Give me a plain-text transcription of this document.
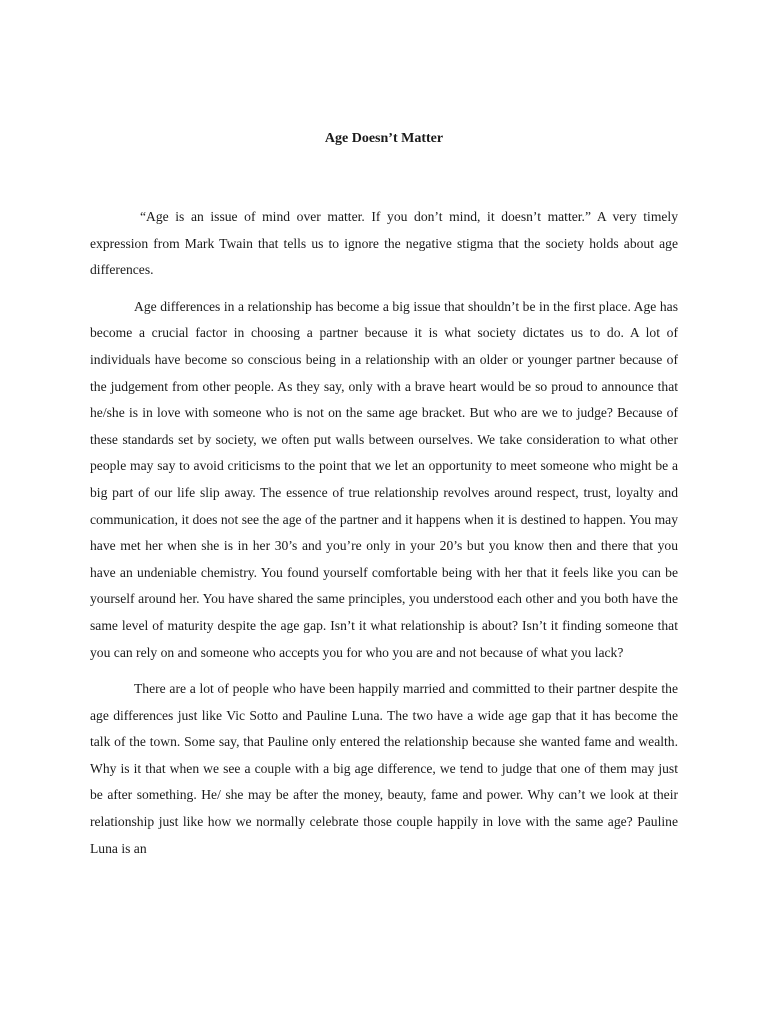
Age Doesn’t Matter

“Age is an issue of mind over matter. If you don’t mind, it doesn’t matter.” A very timely expression from Mark Twain that tells us to ignore the negative stigma that the society holds about age differences.

Age differences in a relationship has become a big issue that shouldn’t be in the first place. Age has become a crucial factor in choosing a partner because it is what society dictates us to do. A lot of individuals have become so conscious being in a relationship with an older or younger partner because of the judgement from other people. As they say, only with a brave heart would be so proud to announce that he/she is in love with someone who is not on the same age bracket. But who are we to judge? Because of these standards set by society, we often put walls between ourselves. We take consideration to what other people may say to avoid criticisms to the point that we let an opportunity to meet someone who might be a big part of our life slip away. The essence of true relationship revolves around respect, trust, loyalty and communication, it does not see the age of the partner and it happens when it is destined to happen. You may have met her when she is in her 30’s and you’re only in your 20’s but you know then and there that you have an undeniable chemistry. You found yourself comfortable being with her that it feels like you can be yourself around her. You have shared the same principles, you understood each other and you both have the same level of maturity despite the age gap. Isn’t it what relationship is about? Isn’t it finding someone that you can rely on and someone who accepts you for who you are and not because of what you lack?

There are a lot of people who have been happily married and committed to their partner despite the age differences just like Vic Sotto and Pauline Luna. The two have a wide age gap that it has become the talk of the town. Some say, that Pauline only entered the relationship because she wanted fame and wealth. Why is it that when we see a couple with a big age difference, we tend to judge that one of them may just be after something. He/ she may be after the money, beauty, fame and power. Why can’t we look at their relationship just like how we normally celebrate those couple happily in love with the same age? Pauline Luna is an
